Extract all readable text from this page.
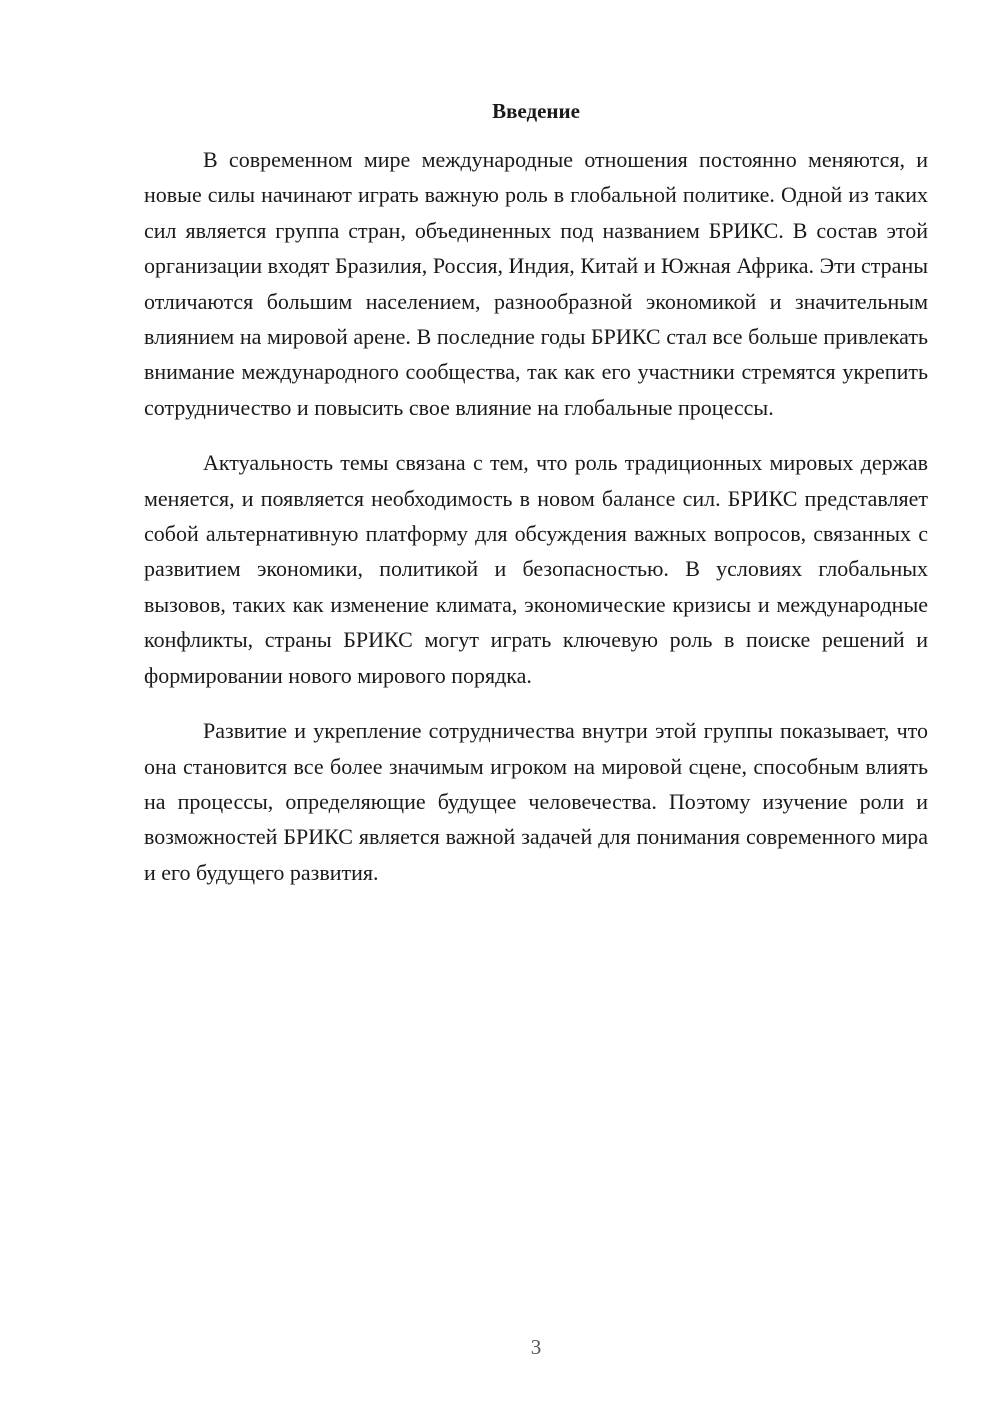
Введение

В современном мире международные отношения постоянно меняются, и новые силы начинают играть важную роль в глобальной политике. Одной из таких сил является группа стран, объединенных под названием БРИКС. В состав этой организации входят Бразилия, Россия, Индия, Китай и Южная Африка. Эти страны отличаются большим населением, разнообразной экономикой и значительным влиянием на мировой арене. В последние годы БРИКС стал все больше привлекать внимание международного сообщества, так как его участники стремятся укрепить сотрудничество и повысить свое влияние на глобальные процессы.

Актуальность темы связана с тем, что роль традиционных мировых держав меняется, и появляется необходимость в новом балансе сил. БРИКС представляет собой альтернативную платформу для обсуждения важных вопросов, связанных с развитием экономики, политикой и безопасностью. В условиях глобальных вызовов, таких как изменение климата, экономические кризисы и международные конфликты, страны БРИКС могут играть ключевую роль в поиске решений и формировании нового мирового порядка.

Развитие и укрепление сотрудничества внутри этой группы показывает, что она становится все более значимым игроком на мировой сцене, способным влиять на процессы, определяющие будущее человечества. Поэтому изучение роли и возможностей БРИКС является важной задачей для понимания современного мира и его будущего развития.

3
